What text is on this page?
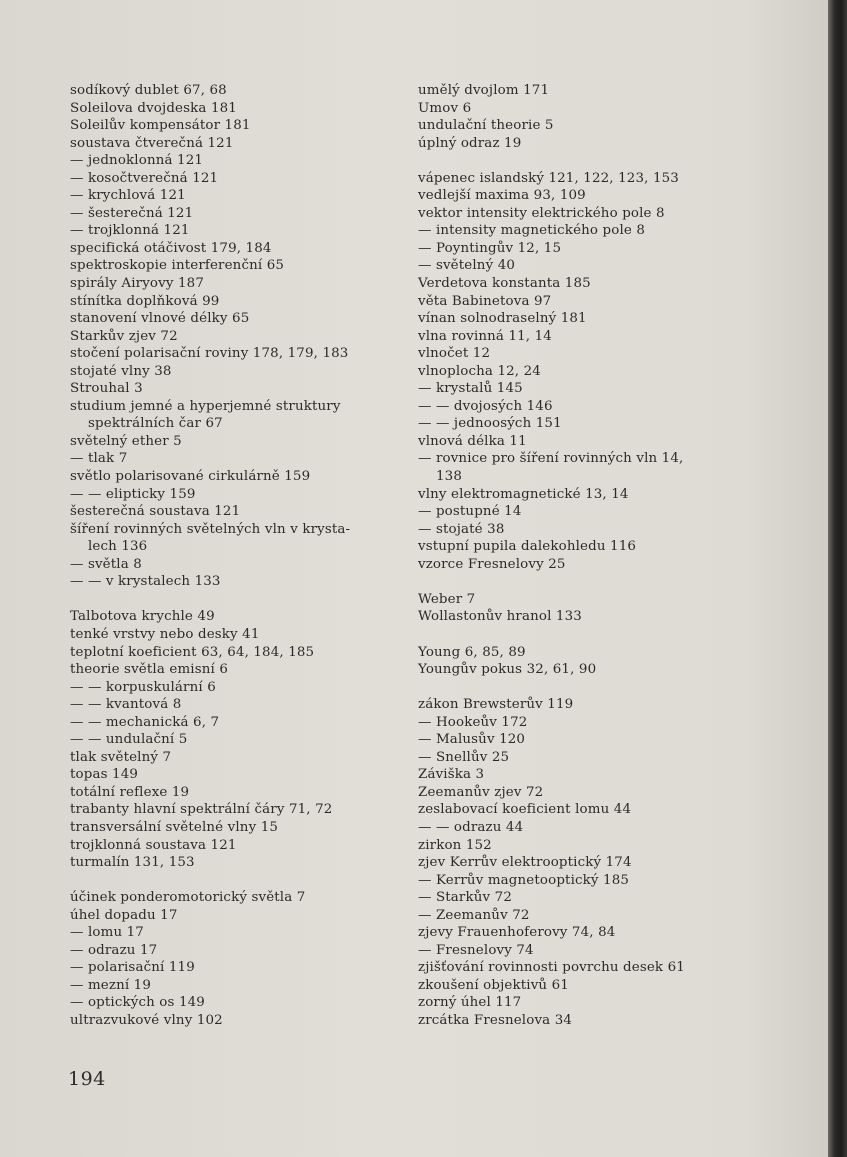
sodíkový dublet 67, 68
Soleilova dvojdeska 181
Soleilův kompensátor 181
soustava čtverečná 121
— jednoklonná 121
— kosočtverečná 121
— krychlová 121
— šesterečná 121
— trojklonná 121
specifická otáčivost 179, 184
spektroskopie interferenční 65
spirály Airyovy 187
stínítka doplňková 99
stanovení vlnové délky 65
Starkův zjev 72
stočení polarisační roviny 178, 179, 183
stojaté vlny 38
Strouhal 3
studium jemné a hyperjemné struktury
spektrálních čar 67
světelný ether 5
— tlak 7
světlo polarisované cirkulárně 159
— — elipticky 159
šesterečná soustava 121
šíření rovinných světelných vln v krysta-
lech 136
— světla 8
— — v krystalech 133
Talbotova krychle 49
tenké vrstvy nebo desky 41
teplotní koeficient 63, 64, 184, 185
theorie světla emisní 6
— — korpuskulární 6
— — kvantová 8
— — mechanická 6, 7
— — undulační 5
tlak světelný 7
topas 149
totální reflexe 19
trabanty hlavní spektrální čáry 71, 72
transversální světelné vlny 15
trojklonná soustava 121
turmalín 131, 153
účinek ponderomotorický světla 7
úhel dopadu 17
— lomu 17
— odrazu 17
— polarisační 119
— mezní 19
— optických os 149
ultrazvukové vlny 102
umělý dvojlom 171
Umov 6
undulační theorie 5
úplný odraz 19
vápenec islandský 121, 122, 123, 153
vedlejší maxima 93, 109
vektor intensity elektrického pole 8
— intensity magnetického pole 8
— Poyntingův 12, 15
— světelný 40
Verdetova konstanta 185
věta Babinetova 97
vínan solnodraselný 181
vlna rovinná 11, 14
vlnočet 12
vlnoplocha 12, 24
— krystalů 145
— — dvojosých 146
— — jednoosých 151
vlnová délka 11
— rovnice pro šíření rovinných vln 14,
138
vlny elektromagnetické 13, 14
— postupné 14
— stojaté 38
vstupní pupila dalekohledu 116
vzorce Fresnelovy 25
Weber 7
Wollastonův hranol 133
Young 6, 85, 89
Youngův pokus 32, 61, 90
zákon Brewsterův 119
— Hookeův 172
— Malusův 120
— Snellův 25
Záviška 3
Zeemanův zjev 72
zeslabovací koeficient lomu 44
— — odrazu 44
zirkon 152
zjev Kerrův elektrooptický 174
— Kerrův magnetooptický 185
— Starkův 72
— Zeemanův 72
zjevy Frauenhoferovy 74, 84
— Fresnelovy 74
zjišťování rovinnosti povrchu desek 61
zkoušení objektivů 61
zorný úhel 117
zrcátka Fresnelova 34
194
